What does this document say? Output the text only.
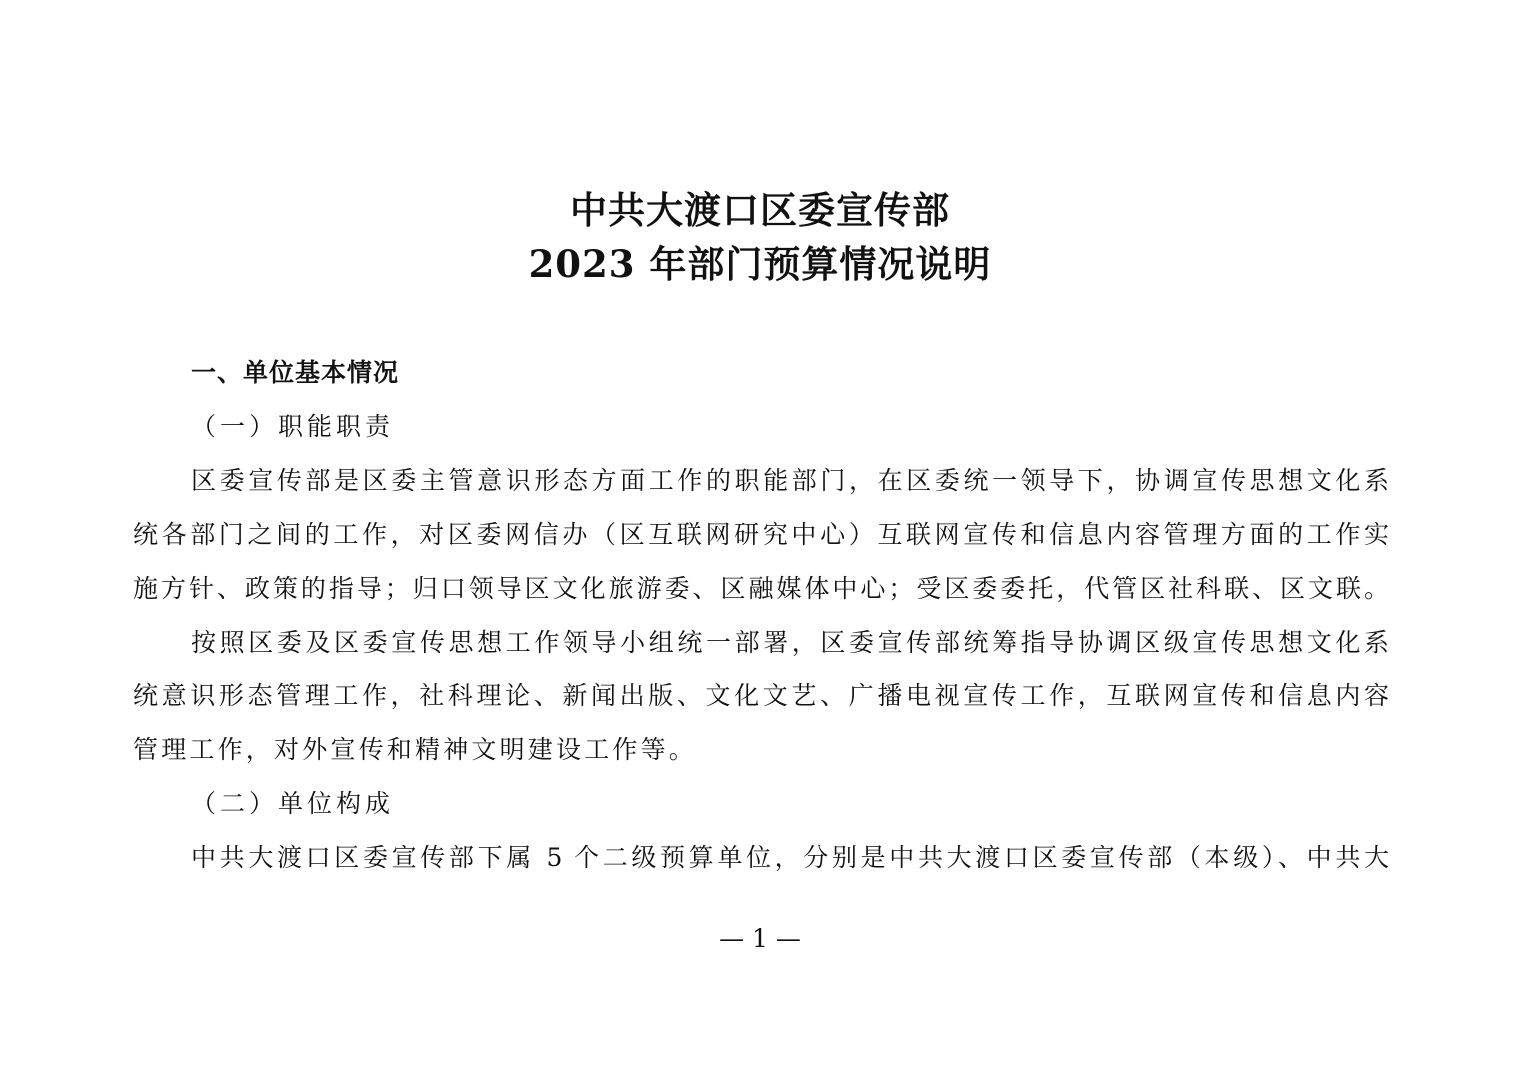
中共大渡口区委宣传部
2023 年部门预算情况说明
一、单位基本情况
（一）职能职责
区委宣传部是区委主管意识形态方面工作的职能部门，在区委统一领导下，协调宣传思想文化系
统各部门之间的工作，对区委网信办（区互联网研究中心）互联网宣传和信息内容管理方面的工作实
施方针、政策的指导；归口领导区文化旅游委、区融媒体中心；受区委委托，代管区社科联、区文联。
按照区委及区委宣传思想工作领导小组统一部署，区委宣传部统筹指导协调区级宣传思想文化系
统意识形态管理工作，社科理论、新闻出版、文化文艺、广播电视宣传工作，互联网宣传和信息内容
管理工作，对外宣传和精神文明建设工作等。
（二）单位构成
中共大渡口区委宣传部下属 5 个二级预算单位，分别是中共大渡口区委宣传部（本级）、中共大
— 1 —
